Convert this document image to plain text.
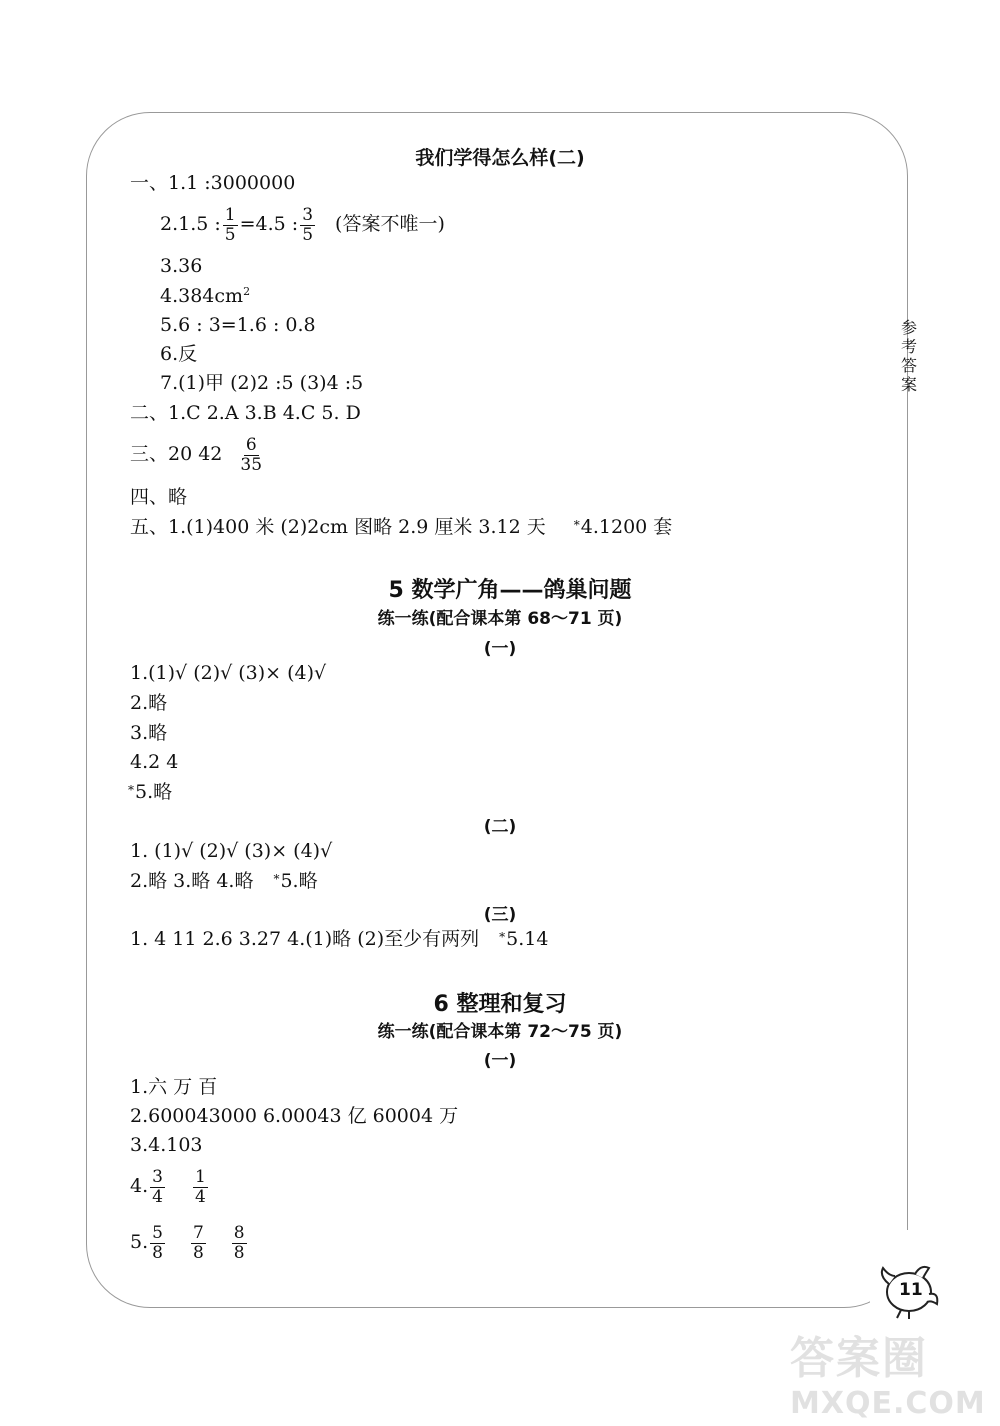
我们学得怎么样(二)
一、1.1 :3000000
2.1.5 : $\frac{1}{5} =4.5$ : $\frac{3}{5}$ (答案不唯一)
3.36
$4.384cm^2$
5.6 : 3=1.6 : 0.8
6.反
7.(1)甲 (2)2 :5 (3)4 :5
二、1.C 2.A 3.B 4.C 5. D
三、20 $42 \frac{6}{35}$
四、略
五、1.(1)400 米 (2)2cm 图略 2.9 厘米 3.12 天 *4.1200 套
5 数学广角——鸽巢问题
练一练(配合课本第 68～71 页)
(一)
1.(1)√ (2)√ (3)× (4)√
2.略
3.略
4.2 4
*5.略
(二)
1. (1)√ (2)√ (3)× (4)√
2.略 3.略 4.略 *5.略
(三)
1. 4 11 2.6 3.27 4.(1)略 (2)至少有两列 *5.14
6 整理和复习
练一练(配合课本第 72～75 页)
(一)
1.六 万 百
2.600043000 6.00043 亿 60004 万
3.4.103
4. $\frac{3}{4} \frac{1}{4}$
5. $\frac{5}{8} \frac{7}{8} \frac{8}{8}$
参
考
答
案
11
答案圈
MXQE.COM
